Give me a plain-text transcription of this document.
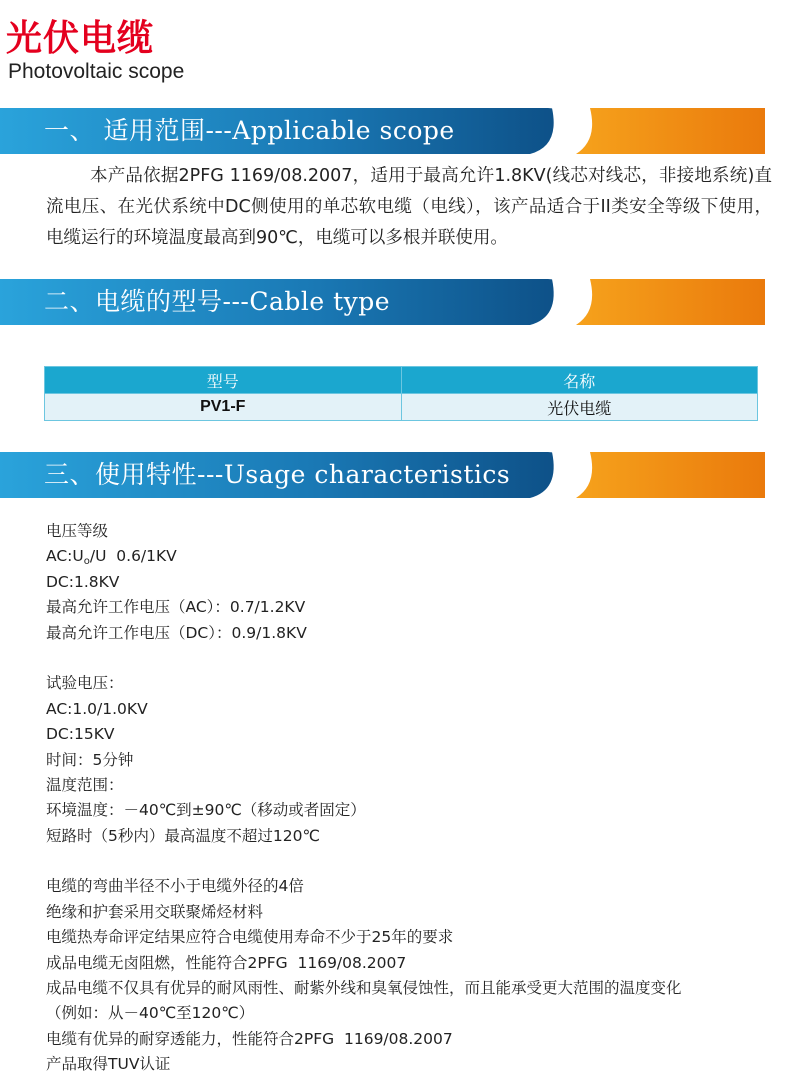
光伏电缆
Photovoltaic scope
一、 适用范围---Applicable scope
本产品依据2PFG 1169/08.2007，适用于最高允许1.8KV(线芯对线芯，非接地系统)直流电压、在光伏系统中DC侧使用的单芯软电缆（电线），该产品适合于II类安全等级下使用，电缆运行的环境温度最高到90℃，电缆可以多根并联使用。
二、电缆的型号---Cable type
型号	名称
PV1-F	光伏电缆
三、使用特性---Usage characteristics
电压等级
$AC:U_o/U$  0.6/1KV
DC:1.8KV
最高允许工作电压（AC）：0.7/1.2KV
最高允许工作电压（DC）：0.9/1.8KV
试验电压：
AC:1.0/1.0KV
DC:15KV
时间：5分钟
温度范围：
环境温度：－40℃到±90℃（移动或者固定）
短路时（5秒内）最高温度不超过120℃
电缆的弯曲半径不小于电缆外径的4倍
绝缘和护套采用交联聚烯烃材料
电缆热寿命评定结果应符合电缆使用寿命不少于25年的要求
成品电缆无卤阻燃，性能符合2PFG  1169/08.2007
成品电缆不仅具有优异的耐风雨性、耐紫外线和臭氧侵蚀性，而且能承受更大范围的温度变化
（例如：从－40℃至120℃）
电缆有优异的耐穿透能力，性能符合2PFG  1169/08.2007
产品取得TUV认证
